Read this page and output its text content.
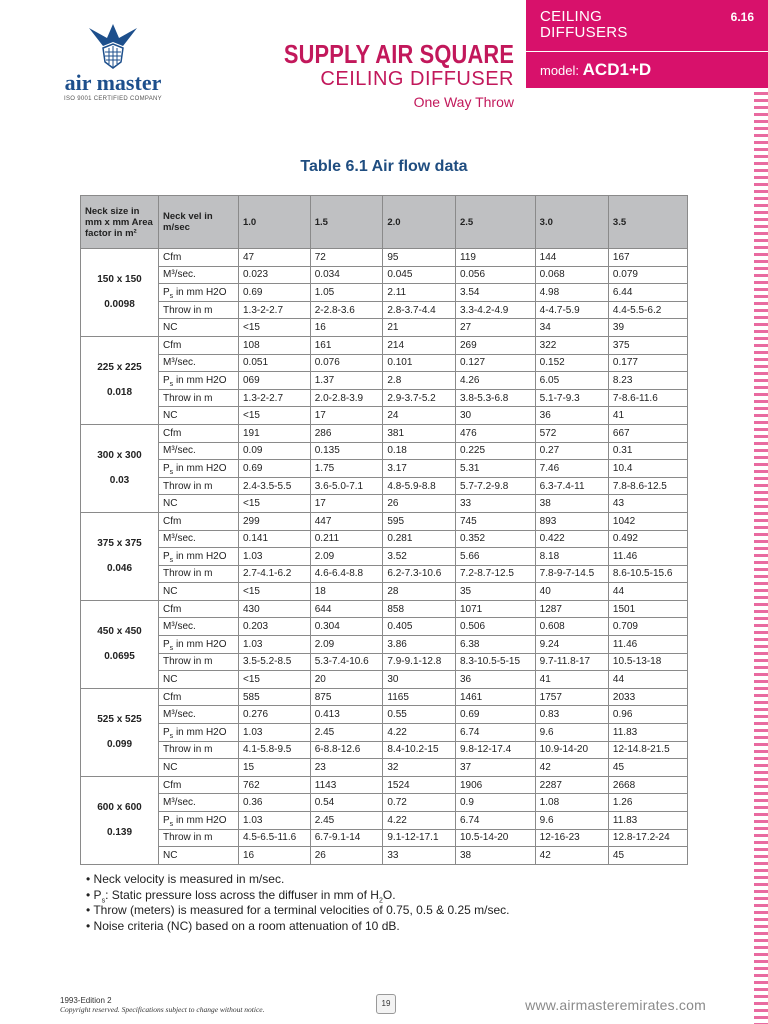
air master
ISO 9001 CERTIFIED COMPANY
SUPPLY AIR SQUARE
CEILING DIFFUSER
One Way Throw
CEILING
DIFFUSERS
6.16
model: ACD1+D
Table 6.1 Air flow data
Neck size in mm x mm Area factor in m²	Neck vel in m/sec	1.0	1.5	2.0	2.5	3.0	3.5

150 x 150
0.0098	Cfm	47	72	95	119	144	167
	M³/sec.	0.023	0.034	0.045	0.056	0.068	0.079
	$P_s$ in mm H2O	0.69	1.05	2.11	3.54	4.98	6.44
	Throw in m	1.3-2-2.7	2-2.8-3.6	2.8-3.7-4.4	3.3-4.2-4.9	4-4.7-5.9	4.4-5.5-6.2
	NC	<15	16	21	27	34	39

225 x 225
0.018	Cfm	108	161	214	269	322	375
	M³/sec.	0.051	0.076	0.101	0.127	0.152	0.177
	$P_s$ in mm H2O	069	1.37	2.8	4.26	6.05	8.23
	Throw in m	1.3-2-2.7	2.0-2.8-3.9	2.9-3.7-5.2	3.8-5.3-6.8	5.1-7-9.3	7-8.6-11.6
	NC	<15	17	24	30	36	41

300 x 300
0.03	Cfm	191	286	381	476	572	667
	M³/sec.	0.09	0.135	0.18	0.225	0.27	0.31
	$P_s$ in mm H2O	0.69	1.75	3.17	5.31	7.46	10.4
	Throw in m	2.4-3.5-5.5	3.6-5.0-7.1	4.8-5.9-8.8	5.7-7.2-9.8	6.3-7.4-11	7.8-8.6-12.5
	NC	<15	17	26	33	38	43

375 x 375
0.046	Cfm	299	447	595	745	893	1042
	M³/sec.	0.141	0.211	0.281	0.352	0.422	0.492
	$P_s$ in mm H2O	1.03	2.09	3.52	5.66	8.18	11.46
	Throw in m	2.7-4.1-6.2	4.6-6.4-8.8	6.2-7.3-10.6	7.2-8.7-12.5	7.8-9-7-14.5	8.6-10.5-15.6
	NC	<15	18	28	35	40	44

450 x 450
0.0695	Cfm	430	644	858	1071	1287	1501
	M³/sec.	0.203	0.304	0.405	0.506	0.608	0.709
	$P_s$ in mm H2O	1.03	2.09	3.86	6.38	9.24	11.46
	Throw in m	3.5-5.2-8.5	5.3-7.4-10.6	7.9-9.1-12.8	8.3-10.5-5-15	9.7-11.8-17	10.5-13-18
	NC	<15	20	30	36	41	44

525 x 525
0.099	Cfm	585	875	1165	1461	1757	2033
	M³/sec.	0.276	0.413	0.55	0.69	0.83	0.96
	$P_s$ in mm H2O	1.03	2.45	4.22	6.74	9.6	11.83
	Throw in m	4.1-5.8-9.5	6-8.8-12.6	8.4-10.2-15	9.8-12-17.4	10.9-14-20	12-14.8-21.5
	NC	15	23	32	37	42	45

600 x 600
0.139	Cfm	762	1143	1524	1906	2287	2668
	M³/sec.	0.36	0.54	0.72	0.9	1.08	1.26
	$P_s$ in mm H2O	1.03	2.45	4.22	6.74	9.6	11.83
	Throw in m	4.5-6.5-11.6	6.7-9.1-14	9.1-12-17.1	10.5-14-20	12-16-23	12.8-17.2-24
	NC	16	26	33	38	42	45
• Neck velocity is measured in m/sec.
• $P_s$: Static pressure loss across the diffuser in mm of $H_2O$.
• Throw (meters) is measured for a terminal velocities of 0.75, 0.5 & 0.25 m/sec.
• Noise criteria (NC) based on a room attenuation of 10 dB.
1993-Edition 2
Copyright reserved. Specifications subject to change without notice.
19	www.airmasteremirates.com
